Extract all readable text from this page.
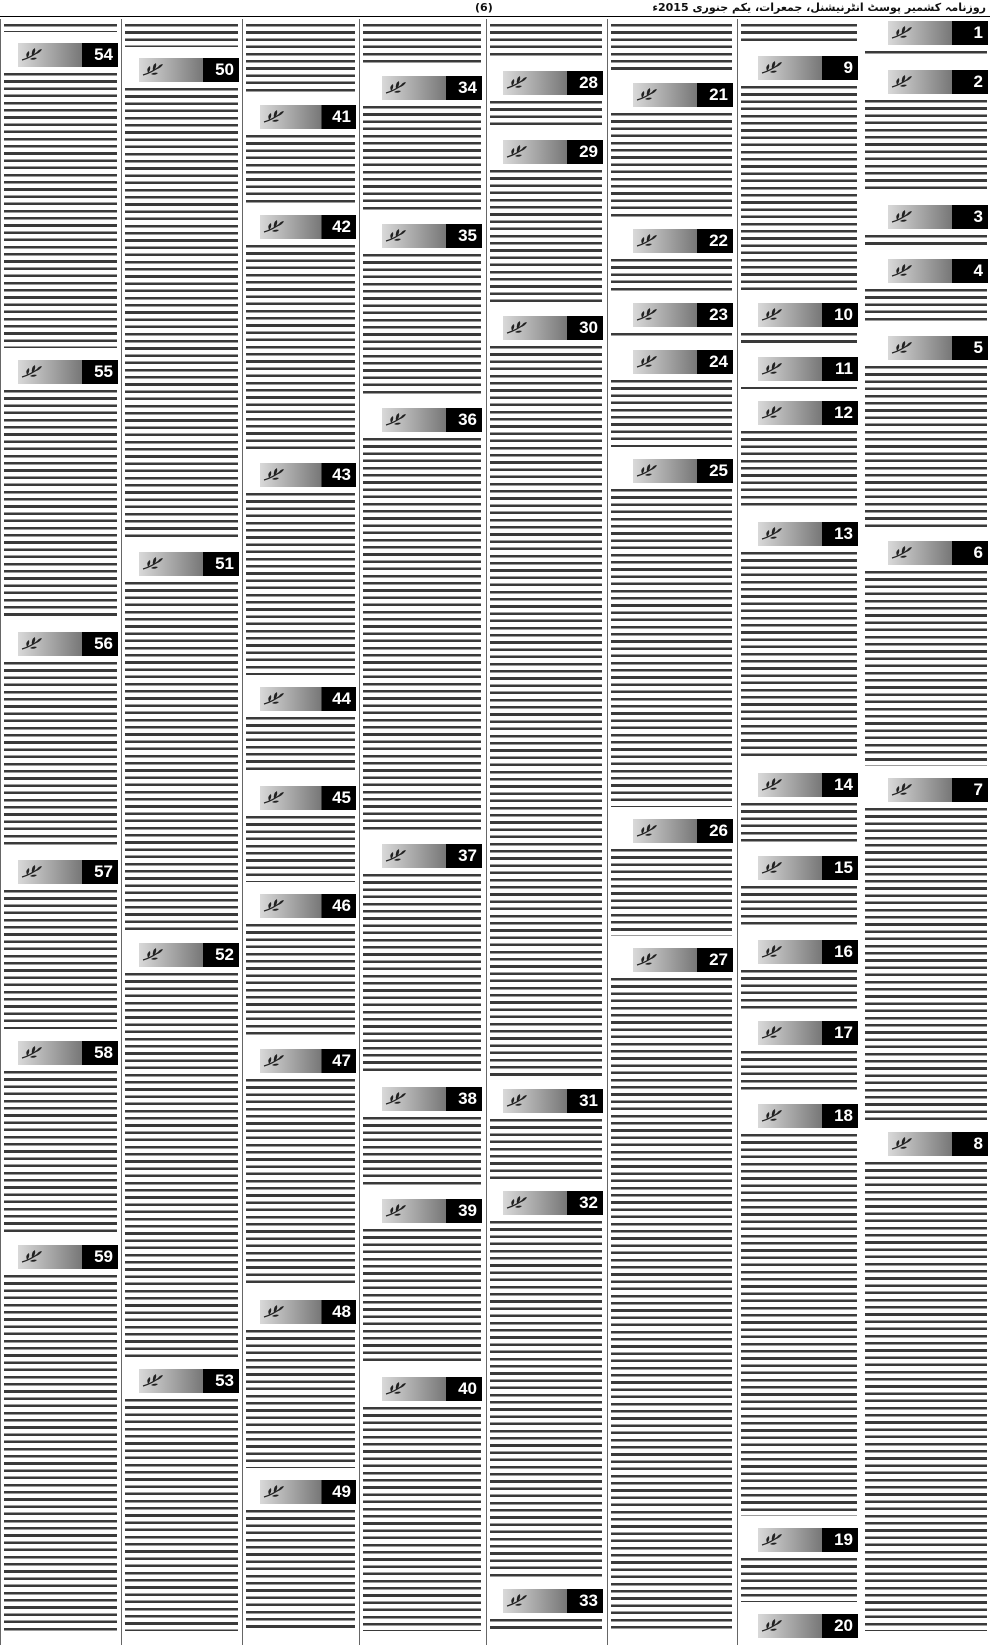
روزنامہ کشمیر پوسٹ انٹرنیشنل، جمعرات، یکم جنوری 2015ء
(6)
1
2
3
4
5
6
7
8
9
10
11
12
13
14
15
16
17
18
19
20
21
22
23
24
25
26
27
28
29
30
31
32
33
34
35
36
37
38
39
40
41
42
43
44
45
46
47
48
49
50
51
52
53
54
55
56
57
58
59
